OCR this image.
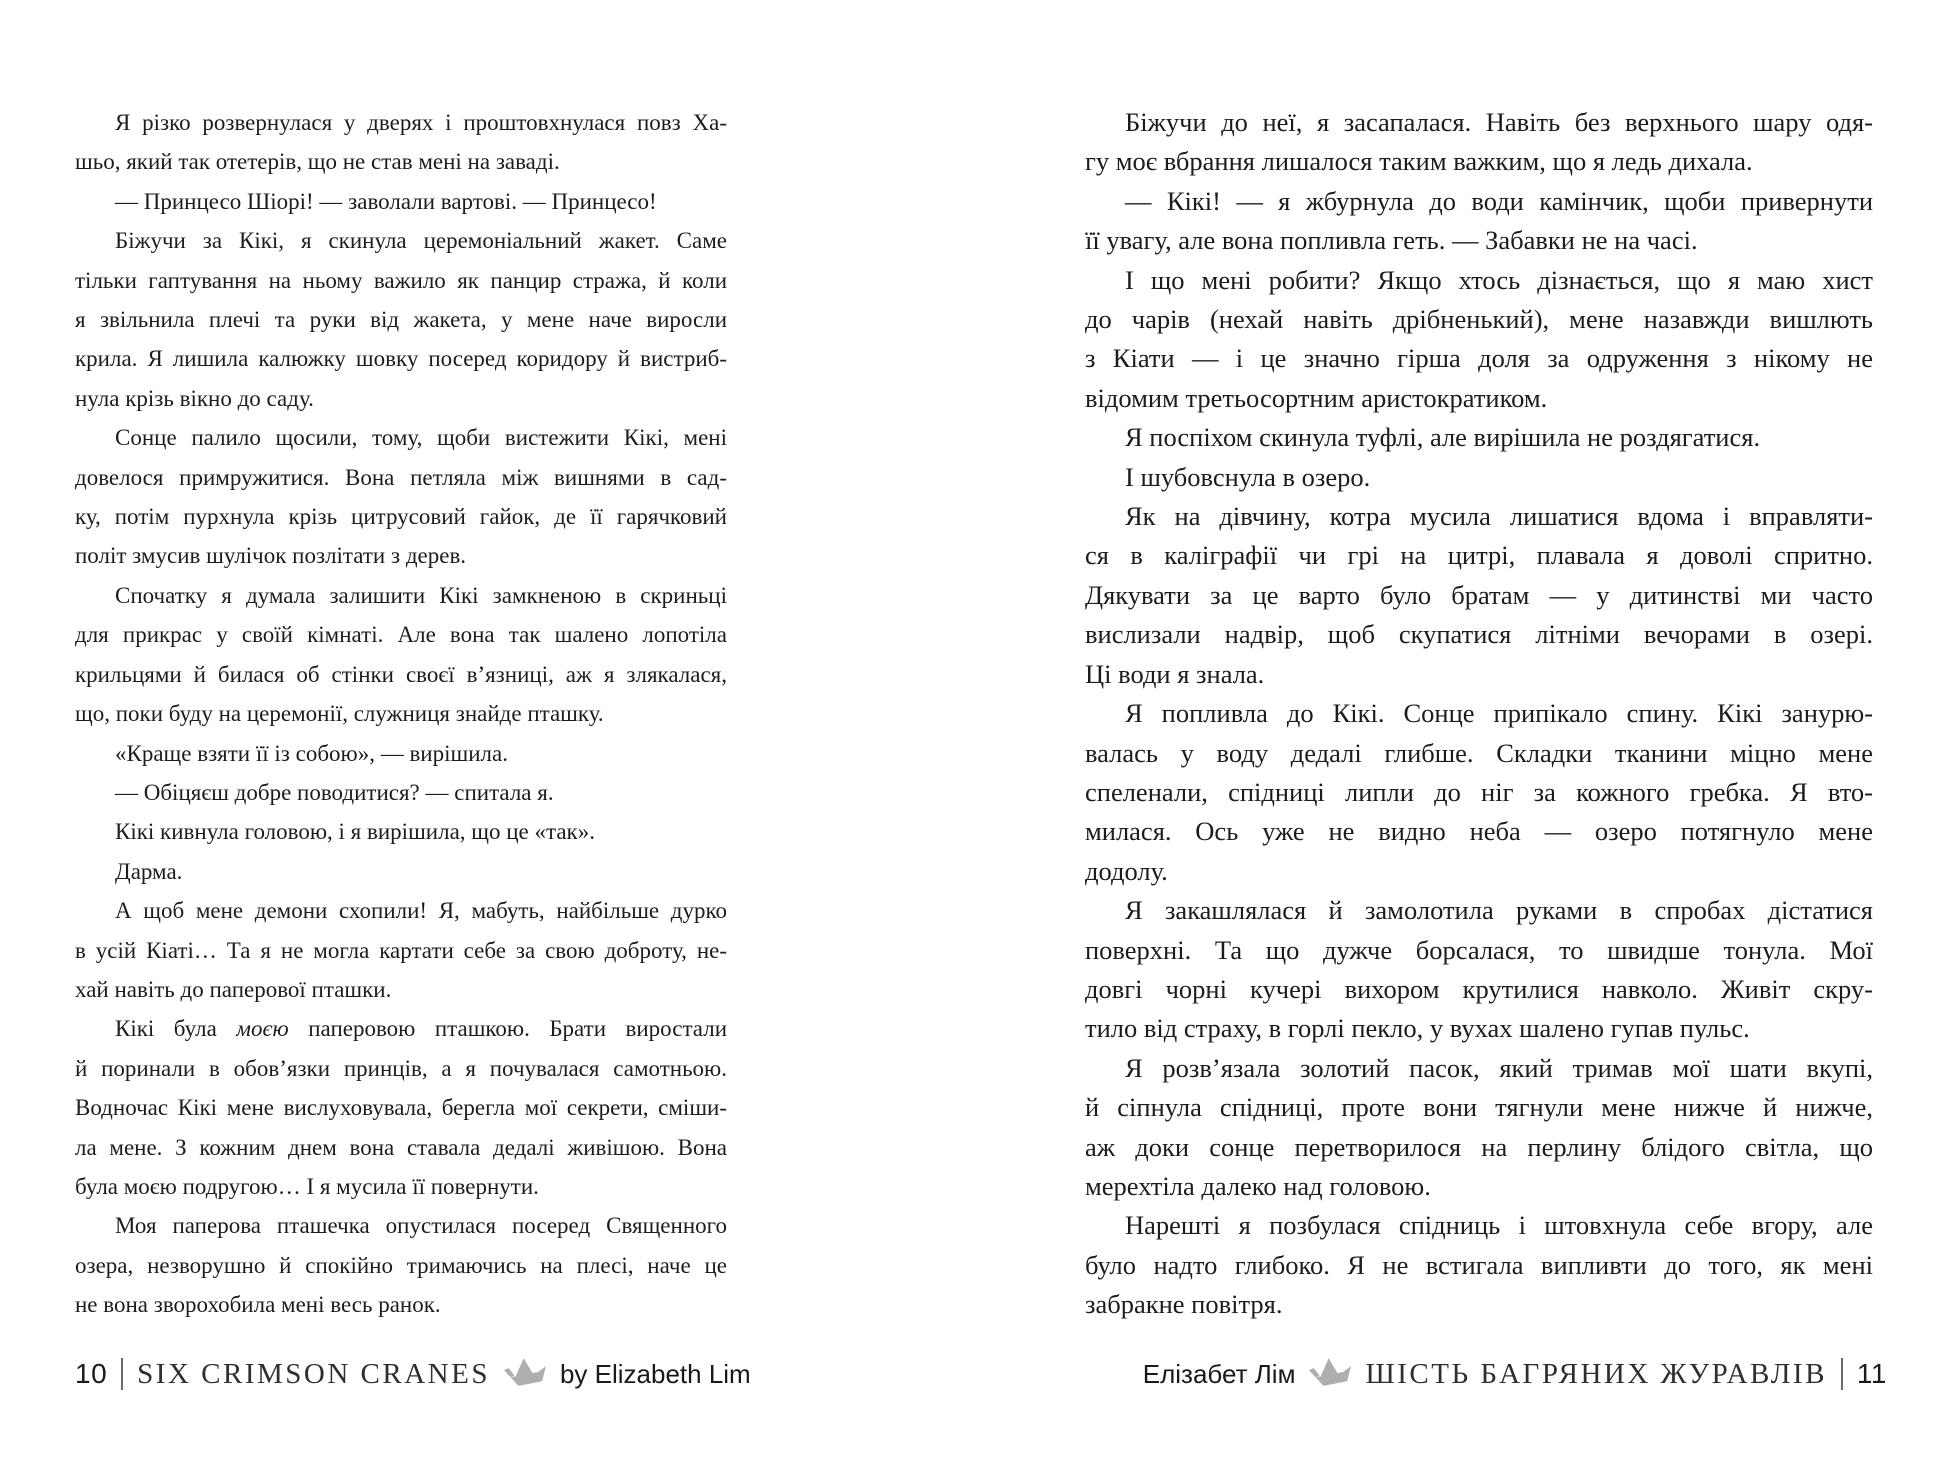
Я різко розвернулася у дверях і проштовхнулася повз Ха-
шьо, який так отетерів, що не став мені на заваді.
— Принцесо Шіорі! — заволали вартові. — Принцесо!
Біжучи за Кікі, я скинула церемоніальний жакет. Саме
тільки гаптування на ньому важило як панцир стража, й коли
я звільнила плечі та руки від жакета, у мене наче виросли
крила. Я лишила калюжку шовку посеред коридору й вистриб-
нула крізь вікно до саду.
Сонце палило щосили, тому, щоби вистежити Кікі, мені
довелося примружитися. Вона петляла між вишнями в сад-
ку, потім пурхнула крізь цитрусовий гайок, де її гарячковий
політ змусив шулічок позлітати з дерев.
Спочатку я думала залишити Кікі замкненою в скриньці
для прикрас у своїй кімнаті. Але вона так шалено лопотіла
крильцями й билася об стінки своєї в’язниці, аж я злякалася,
що, поки буду на церемонії, служниця знайде пташку.
«Краще взяти її із собою», — вирішила.
— Обіцяєш добре поводитися? — спитала я.
Кікі кивнула головою, і я вирішила, що це «так».
Дарма.
А щоб мене демони схопили! Я, мабуть, найбільше дурко
в усій Кіаті… Та я не могла картати себе за свою доброту, не-
хай навіть до паперової пташки.
Кікі була моєю паперовою пташкою. Брати виростали
й поринали в обов’язки принців, а я почувалася самотньою.
Водночас Кікі мене вислуховувала, берегла мої секрети, сміши-
ла мене. З кожним днем вона ставала дедалі живішою. Вона
була моєю подругою… І я мусила її повернути.
Моя паперова пташечка опустилася посеред Священного
озера, незворушно й спокійно тримаючись на плесі, наче це
не вона зворохобила мені весь ранок.
Біжучи до неї, я засапалася. Навіть без верхнього шару одя-
гу моє вбрання лишалося таким важким, що я ледь дихала.
— Кікі! — я жбурнула до води камінчик, щоби привернути
її увагу, але вона попливла геть. — Забавки не на часі.
І що мені робити? Якщо хтось дізнається, що я маю хист
до чарів (нехай навіть дрібненький), мене назавжди вишлють
з Кіати — і це значно гірша доля за одруження з нікому не
відомим третьосортним аристократиком.
Я поспіхом скинула туфлі, але вирішила не роздягатися.
І шубовснула в озеро.
Як на дівчину, котра мусила лишатися вдома і вправляти-
ся в каліграфії чи грі на цитрі, плавала я доволі спритно.
Дякувати за це варто було братам — у дитинстві ми часто
вислизали надвір, щоб скупатися літніми вечорами в озері.
Ці води я знала.
Я попливла до Кікі. Сонце припікало спину. Кікі занурю-
валась у воду дедалі глибше. Складки тканини міцно мене
спеленали, спідниці липли до ніг за кожного гребка. Я вто-
милася. Ось уже не видно неба — озеро потягнуло мене
додолу.
Я закашлялася й замолотила руками в спробах дістатися
поверхні. Та що дужче борсалася, то швидше тонула. Мої
довгі чорні кучері вихором крутилися навколо. Живіт скру-
тило від страху, в горлі пекло, у вухах шалено гупав пульс.
Я розв’язала золотий пасок, який тримав мої шати вкупі,
й сіпнула спідниці, проте вони тягнули мене нижче й нижче,
аж доки сонце перетворилося на перлину блідого світла, що
мерехтіла далеко над головою.
Нарешті я позбулася спідниць і штовхнула себе вгору, але
було надто глибоко. Я не встигала випливти до того, як мені
забракне повітря.
10 SIX CRIMSON CRANES	by Elizabeth Lim	Елізабет Лім ШІСТЬ БАГРЯНИХ ЖУРАВЛІВ 11
